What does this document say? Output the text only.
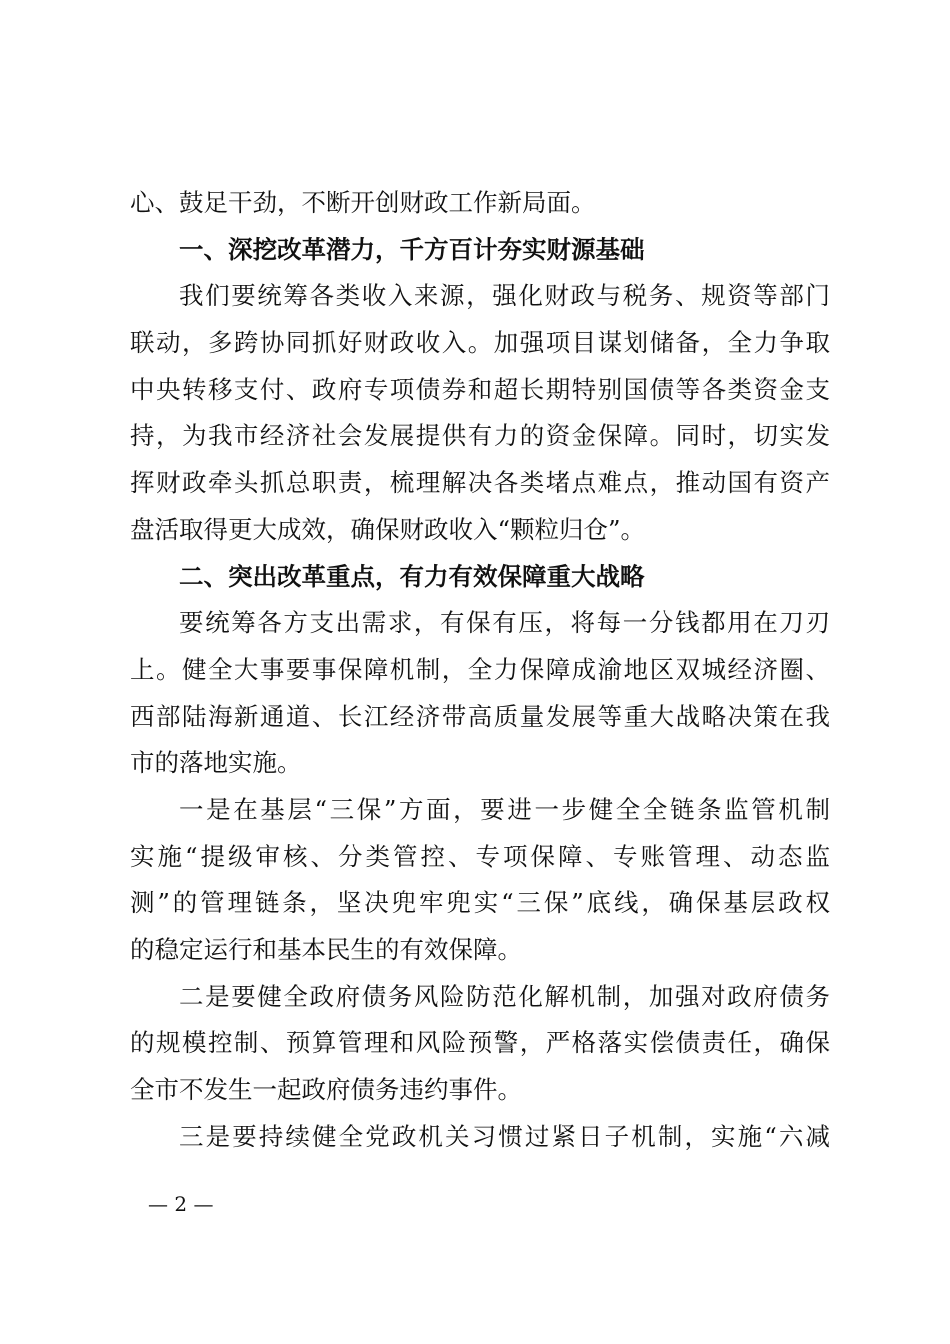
心、鼓足干劲，不断开创财政工作新局面。
一、深挖改革潜力，千方百计夯实财源基础
我们要统筹各类收入来源，强化财政与税务、规资等部门
联动，多跨协同抓好财政收入。加强项目谋划储备，全力争取
中央转移支付、政府专项债券和超长期特别国债等各类资金支
持，为我市经济社会发展提供有力的资金保障。同时，切实发
挥财政牵头抓总职责，梳理解决各类堵点难点，推动国有资产
盘活取得更大成效，确保财政收入“颗粒归仓”。
二、突出改革重点，有力有效保障重大战略
要统筹各方支出需求，有保有压，将每一分钱都用在刀刃
上。健全大事要事保障机制，全力保障成渝地区双城经济圈、
西部陆海新通道、长江经济带高质量发展等重大战略决策在我
市的落地实施。
一是在基层“三保”方面，要进一步健全全链条监管机制
实施“提级审核、分类管控、专项保障、专账管理、动态监
测”的管理链条，坚决兜牢兜实“三保”底线，确保基层政权
的稳定运行和基本民生的有效保障。
二是要健全政府债务风险防范化解机制，加强对政府债务
的规模控制、预算管理和风险预警，严格落实偿债责任，确保
全市不发生一起政府债务违约事件。
三是要持续健全党政机关习惯过紧日子机制，实施“六减
— 2 —
